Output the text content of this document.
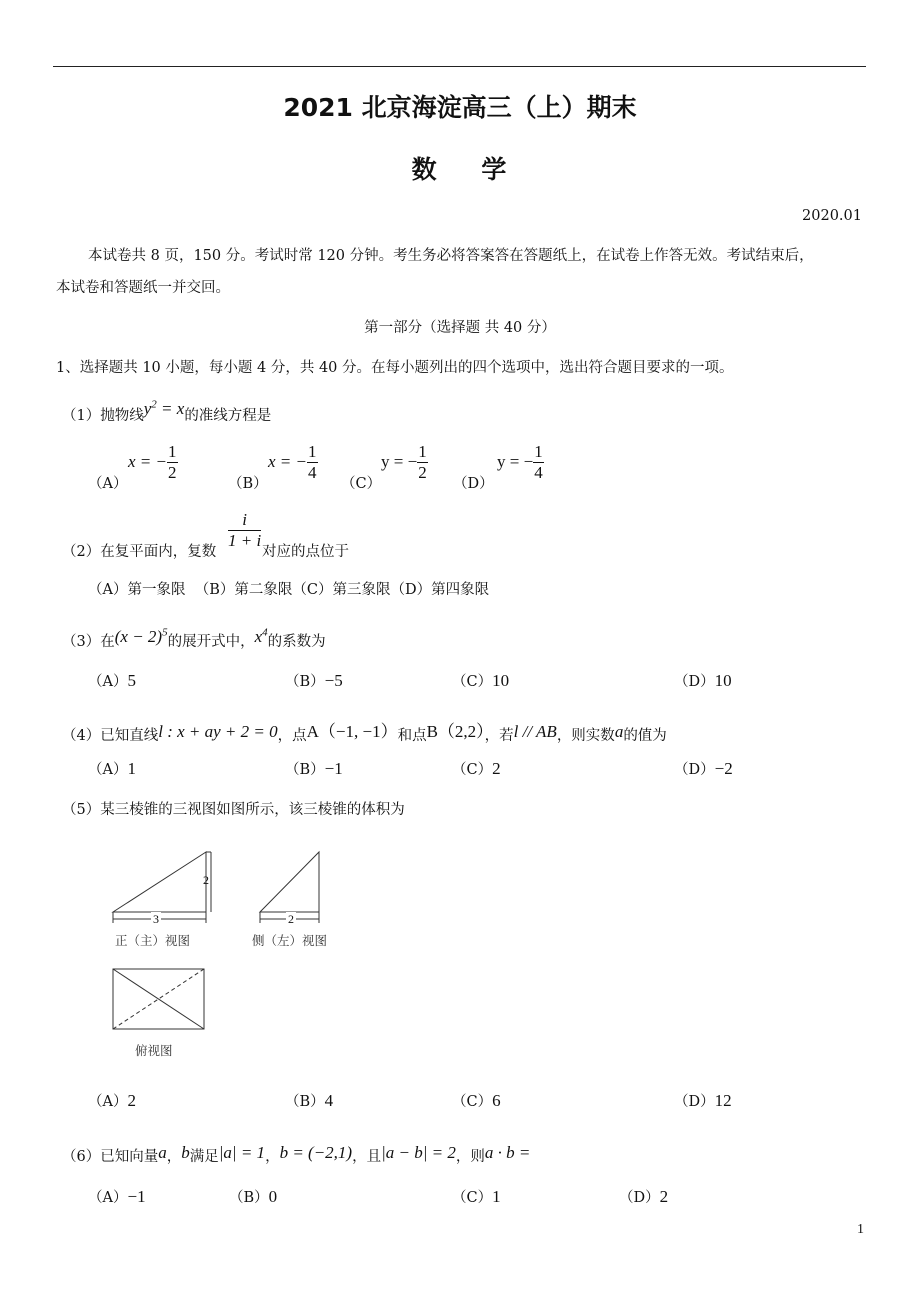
2021 北京海淀高三（上）期末
数    学
2020.01
本试卷共 8 页，150 分。考试时常 120 分钟。考生务必将答案答在答题纸上，在试卷上作答无效。考试结束后，
本试卷和答题纸一并交回。
第一部分（选择题 共 40 分）
1、选择题共 10 小题，每小题 4 分，共 40 分。在每小题列出的四个选项中，选出符合题目要求的一项。
（1）抛物线$y^2 = x$的准线方程是
（A）
x = − $\frac{1}{2}$
（B）
x = − $\frac{1}{4}$
（C）
y = − $\frac{1}{2}$
（D）
y = − $\frac{1}{4}$
（2）在复平面内，复数
$\frac{i}{1 + i}$
对应的点位于
（A）第一象限  （B）第二象限（C）第三象限（D）第四象限
（3）在$(x - 2)^5$的展开式中，$x^4$的系数为
（A）5	（B）−5	（C）10	（D）10
（4）已知直线l : x + ay + 2 = 0，点A（−1, −1）和点B（2,2），若l // AB，则实数a的值为
（A）1	（B）−1	（C）2	（D）−2
（5）某三棱锥的三视图如图所示，该三棱锥的体积为
2
3	2
正（主）视图	侧（左）视图
俯视图
（A）2	（B）4	（C）6	（D）12
（6）已知向量a，b满足|a| = 1，b = (−2,1)，且|a − b| = 2，则a · b =
（A）−1	（B）0	（C）1	（D）2
1
